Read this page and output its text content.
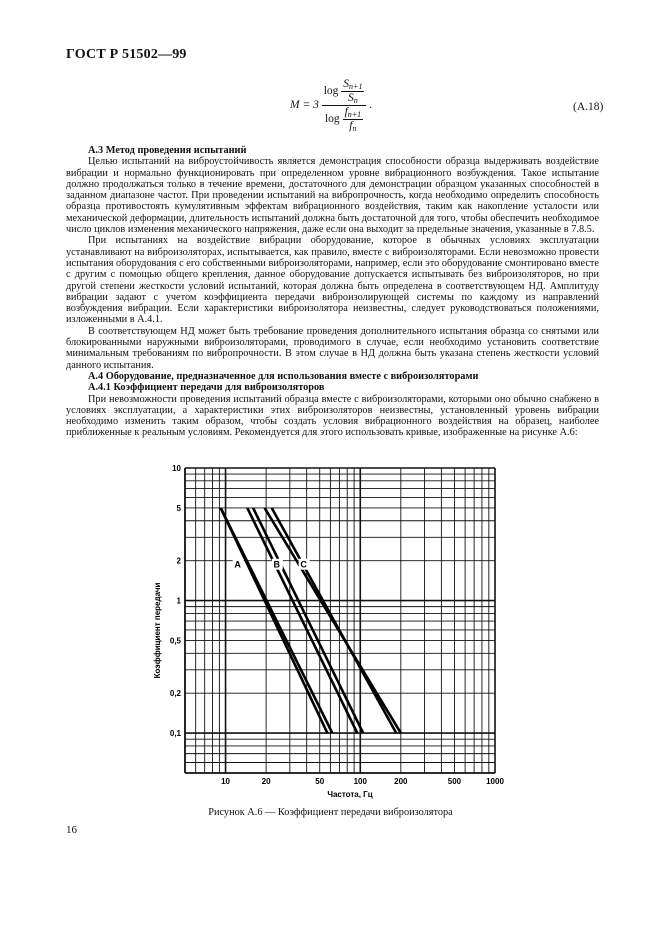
ГОСТ Р 51502—99
$M = 3 \frac{\log \frac{S_{n+1}}{S_n}}{\log \frac{f_{n+1}}{f_n}}$ .	(A.18)

А.3 Метод проведения испытаний

Целью испытаний на виброустойчивость является демонстрация способности образца выдерживать воздействие вибрации и нормально функционировать при определенном уровне вибрационного возбуждения. Такое испытание должно продолжаться только в течение времени, достаточного для демонстрации образцом указанных способностей в заданном диапазоне частот. При проведении испытаний на вибропрочность, когда необходимо определить способность образца противостоять кумулятивным эффектам вибрационного воздействия, таким как накопление усталости или механической деформации, длительность испытаний должна быть достаточной для того, чтобы обеспечить необходимое число циклов изменения механического напряжения, даже если она выходит за предельные значения, указанные в 7.8.5.

При испытаниях на воздействие вибрации оборудование, которое в обычных условиях эксплуатации устанавливают на виброизоляторах, испытывается, как правило, вместе с виброизоляторами. Если невозможно провести испытания оборудования с его собственными виброизоляторами, например, если это оборудование смонтировано вместе с другим с помощью общего крепления, данное оборудование допускается испытывать без виброизоляторов, но при другой степени жесткости условий испытаний, которая должна быть определена в соответствующем НД. Амплитуду вибрации задают с учетом коэффициента передачи виброизолирующей системы по каждому из направлений возбуждения вибрации. Если характеристики виброизолятора неизвестны, следует руководствоваться положениями, изложенными в А.4.1.

В соответствующем НД может быть требование проведения дополнительного испытания образца со снятыми или блокированными наружными виброизоляторами, проводимого в случае, если необходимо установить соответствие минимальным требованиям по вибропрочности. В этом случае в НД должна быть указана степень жесткости условий данного испытания.

А.4 Оборудование, предназначенное для использования вместе с виброизоляторами

А.4.1 Коэффициент передачи для виброизоляторов

При невозможности проведения испытаний образца вместе с виброизоляторами, которыми оно обычно снабжено в условиях эксплуатации, а характеристики этих виброизоляторов неизвестны, установленный уровень вибрации необходимо изменить таким образом, чтобы создать условия вибрационного воздействия на образец, наиболее приближенные к реальным условиям. Рекомендуется для этого использовать кривые, изображенные на рисунке А.6:

10	20	50	100	200	500	1000
10
5
2
1
0,5
0,2
0,1
Частота, Гц
Коэффициент передачи
A	B C
Рисунок А.6 — Коэффициент передачи виброизолятора
16
